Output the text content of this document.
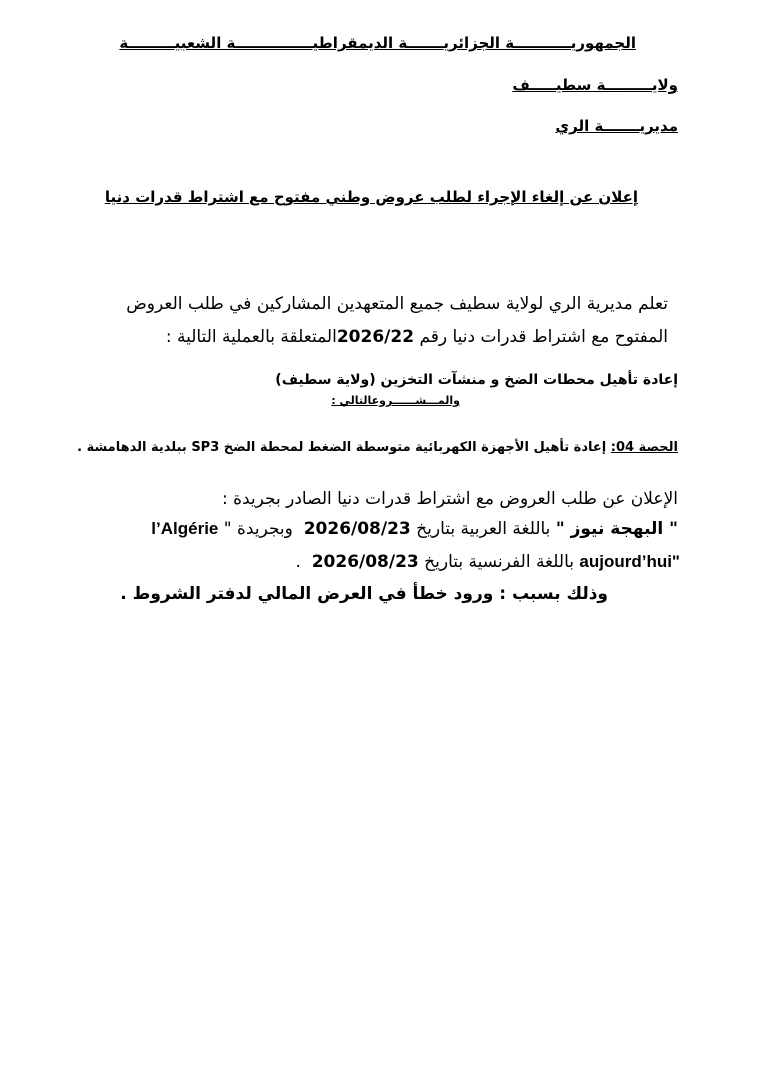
الجمهوريـــــــــــة الجزائريـــــــة الديمقراطيـــــــــــــــة الشعبيـــــــــة
ولايـــــــــة سطيـــــف
مديريـــــــة الري
إعلان عن إلغاء الإجراء لطلب عروض وطني مفتوح مع اشتراط قدرات دنيا
تعلم مديرية الري لولاية سطيف جميع المتعهدين المشاركين في طلب العروض
المفتوح مع اشتراط قدرات دنيا رقم 2026/22المتعلقة بالعملية التالية :
إعادة تأهيل محطات الضخ و منشآت التخزين (ولاية سطيف)
والمـــشــــــروعالتالي :
الحصة 04: إعادة تأهيل الأجهزة الكهربائية متوسطة الضغط لمحطة الضخ SP3 ببلدية الدهامشة .
الإعلان عن طلب العروض مع اشتراط قدرات دنيا الصادر بجريدة :
" البهجة نيوز " باللغة العربية بتاريخ 2026/08/23  وبجريدة " l’Algérie
aujourd’hui" باللغة الفرنسية بتاريخ 2026/08/23  .
وذلك بسبب : ورود خطأ في العرض المالي لدفتر الشروط .
